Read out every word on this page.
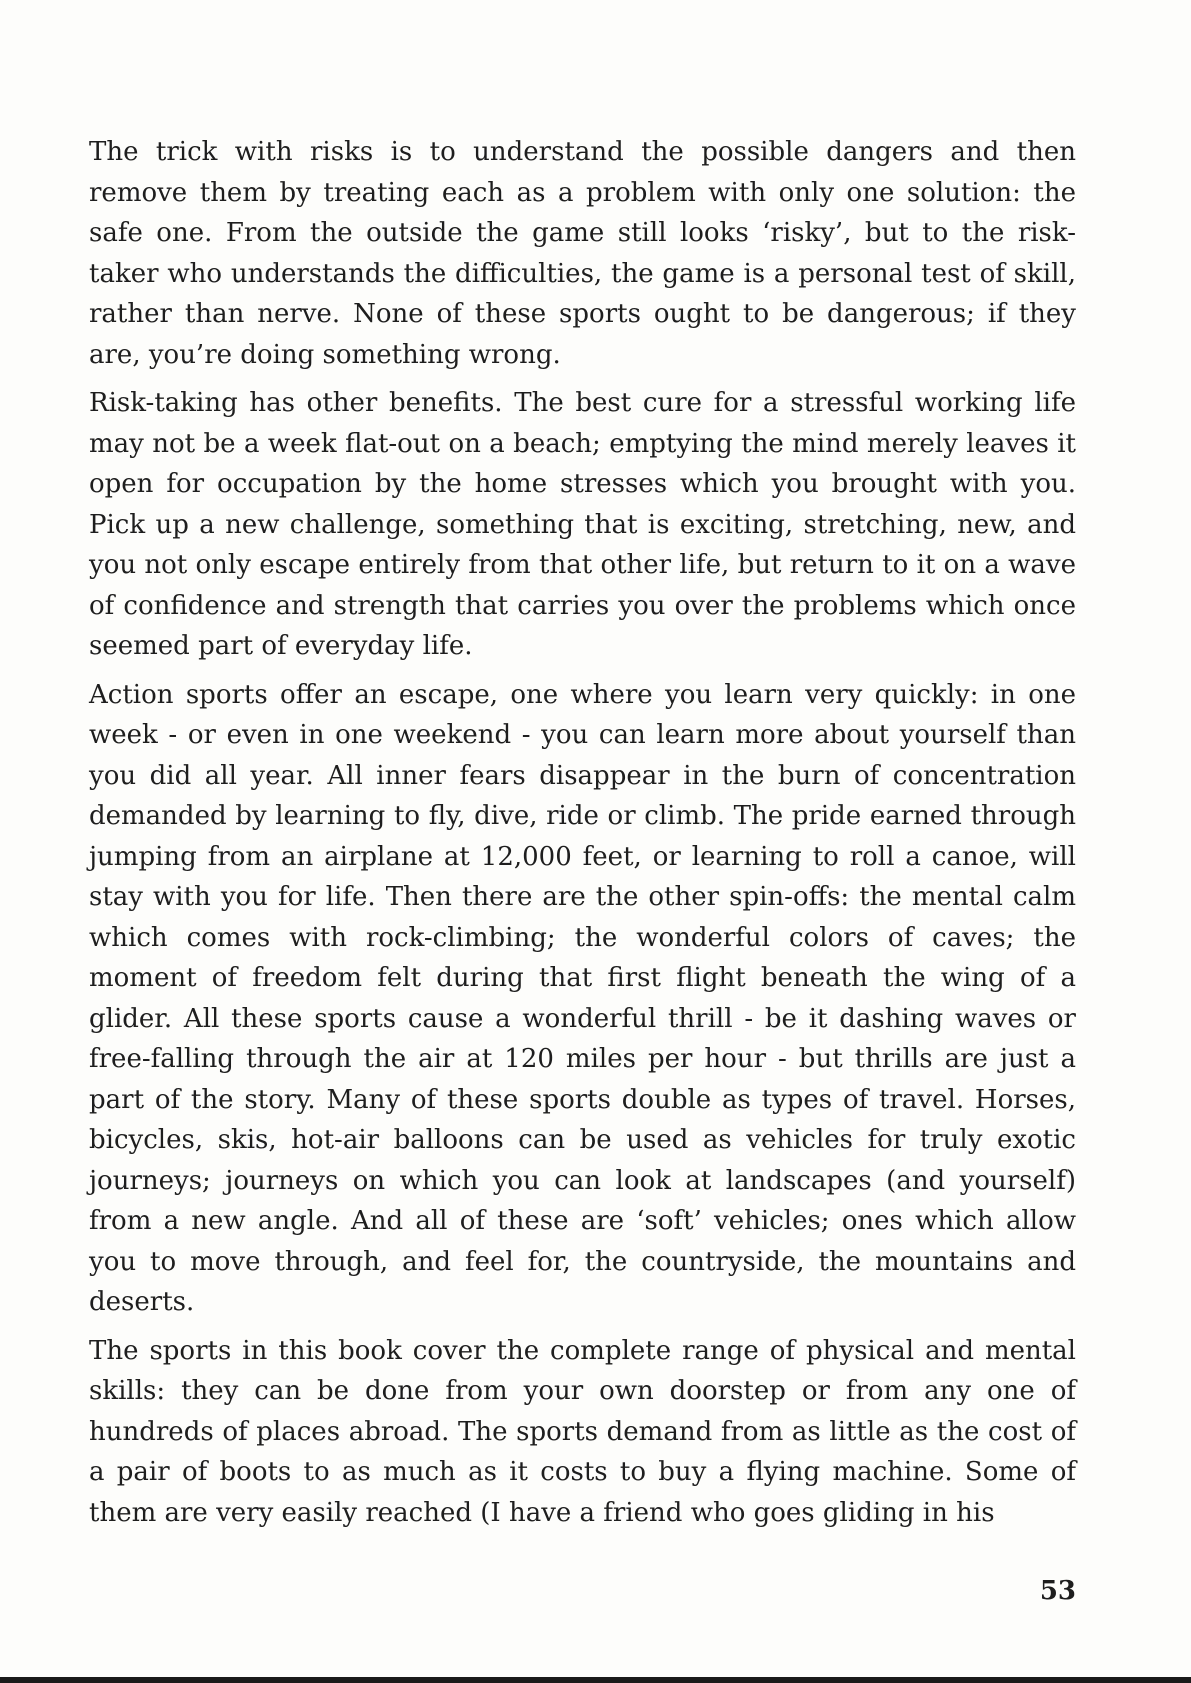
The trick with risks is to understand the possible dangers and then remove them by treating each as a problem with only one solution: the safe one. From the outside the game still looks ‘risky’, but to the risk-taker who understands the difficulties, the game is a personal test of skill, rather than nerve. None of these sports ought to be dangerous; if they are, you’re doing something wrong.

Risk-taking has other benefits. The best cure for a stressful working life may not be a week flat-out on a beach; emptying the mind merely leaves it open for occupation by the home stresses which you brought with you. Pick up a new challenge, something that is exciting, stretching, new, and you not only escape entirely from that other life, but return to it on a wave of confidence and strength that carries you over the problems which once seemed part of everyday life.

Action sports offer an escape, one where you learn very quickly: in one week - or even in one weekend - you can learn more about yourself than you did all year. All inner fears disappear in the burn of concentration demanded by learning to fly, dive, ride or climb. The pride earned through jumping from an airplane at 12,000 feet, or learning to roll a canoe, will stay with you for life. Then there are the other spin-offs: the mental calm which comes with rock-climbing; the wonderful colors of caves; the moment of freedom felt during that first flight beneath the wing of a glider. All these sports cause a wonderful thrill - be it dashing waves or free-falling through the air at 120 miles per hour - but thrills are just a part of the story. Many of these sports double as types of travel. Horses, bicycles, skis, hot-air balloons can be used as vehicles for truly exotic journeys; journeys on which you can look at landscapes (and yourself) from a new angle. And all of these are ‘soft’ vehicles; ones which allow you to move through, and feel for, the countryside, the mountains and deserts.

The sports in this book cover the complete range of physical and mental skills: they can be done from your own doorstep or from any one of hundreds of places abroad. The sports demand from as little as the cost of a pair of boots to as much as it costs to buy a flying machine. Some of them are very easily reached (I have a friend who goes gliding in his

53
